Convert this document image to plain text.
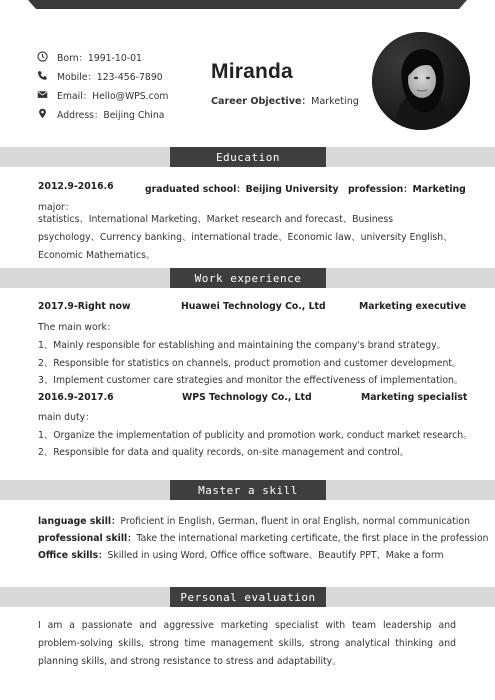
Born：1991-10-01
Mobile：123-456-7890
Email：Hello@WPS.com
Address：Beijing China
Miranda
Career Objective：Marketing
Education
2012.9-2016.6	graduated school：Beijing University profession：Marketing
major：
statistics、International Marketing、Market research and forecast、Business psychology、Currency banking、international trade、Economic law、university English、Economic Mathematics。
Work experience
2017.9-Right now	Huawei Technology Co., Ltd	Marketing executive
The main work：
1、Mainly responsible for establishing and maintaining the company's brand strategy。
2、Responsible for statistics on channels, product promotion and customer development。
3、Implement customer care strategies and monitor the effectiveness of implementation。
2016.9-2017.6	WPS Technology Co., Ltd	Marketing specialist
main duty：
1、Organize the implementation of publicity and promotion work, conduct market research。
2、Responsible for data and quality records, on-site management and control。
Master a skill
language skill：Proficient in English, German, fluent in oral English, normal communication
professional skill：Take the international marketing certificate, the first place in the profession
Office skills：Skilled in using Word, Office office software、Beautify PPT、Make a form
Personal evaluation
I am a passionate and aggressive marketing specialist with team leadership and problem-solving skills, strong time management skills, strong analytical thinking and planning skills, and strong resistance to stress and adaptability。
